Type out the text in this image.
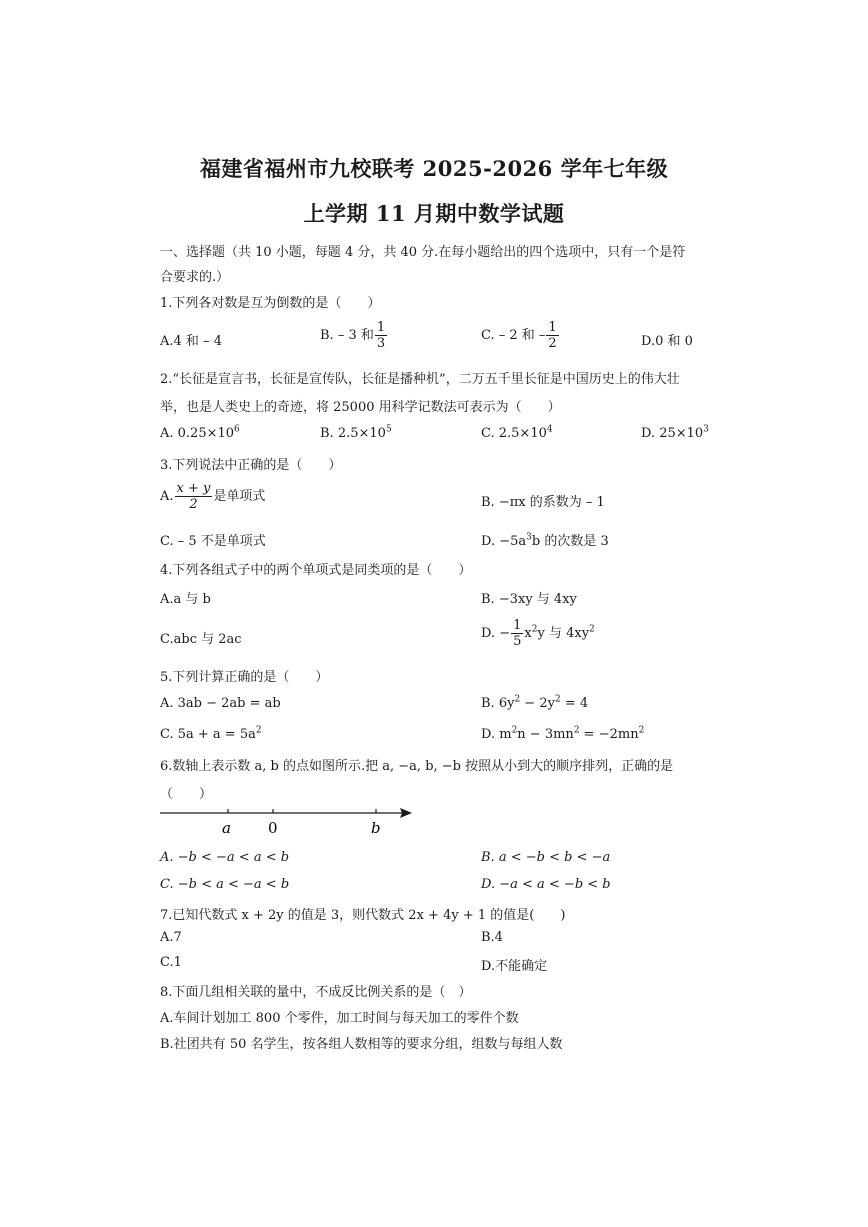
福建省福州市九校联考 2025-2026 学年七年级
上学期 11 月期中数学试题
一、选择题（共 10 小题，每题 4 分，共 40 分.在每小题给出的四个选项中，只有一个是符
合要求的.）
1.下列各对数是互为倒数的是（　　）
A.4 和 – 4	B. – 3 和 $\frac{1}{3}$	C. – 2 和 – $\frac{1}{2}$	D.0 和 0
2.“长征是宣言书，长征是宣传队，长征是播种机”，二万五千里长征是中国历史上的伟大壮
举，也是人类史上的奇迹，将 25000 用科学记数法可表示为（　　）
A. $0.25\times 10^6$	B. $2.5\times 10^5$	C. $2.5\times 10^4$	D. $25\times 10^3$
3.下列说法中正确的是（　　）
A. $\frac{x + y}{2}$ 是单项式	B. −πx 的系数为 – 1
C. – 5 不是单项式	D. $-5a^3b$ 的次数是 3
4.下列各组式子中的两个单项式是同类项的是（　　）
A.a 与 b	B. −3xy 与 4xy
C.abc 与 2ac	D. − $\frac{1}{5} x^2y$ 与 $4xy^2$
5.下列计算正确的是（　　）
A. 3ab − 2ab = ab	B. $6y^2 - 2y^2 = 4$
C. $5a + a = 5a^2$	D. $m^2n - 3mn^2 = -2mn^2$
6.数轴上表示数 a, b 的点如图所示.把 a, −a, b, −b 按照从小到大的顺序排列，正确的是
（　　）
a 0	b
A. −b < −a < a < b	B. a < −b < b < −a
C. −b < a < −a < b	D. −a < a < −b < b
7.已知代数式 x + 2y 的值是 3，则代数式 2x + 4y + 1 的值是(　　)
A.7	B.4
C.1	D.不能确定
8.下面几组相关联的量中，不成反比例关系的是（　）
A.车间计划加工 800 个零件，加工时间与每天加工的零件个数
B.社团共有 50 名学生，按各组人数相等的要求分组，组数与每组人数
